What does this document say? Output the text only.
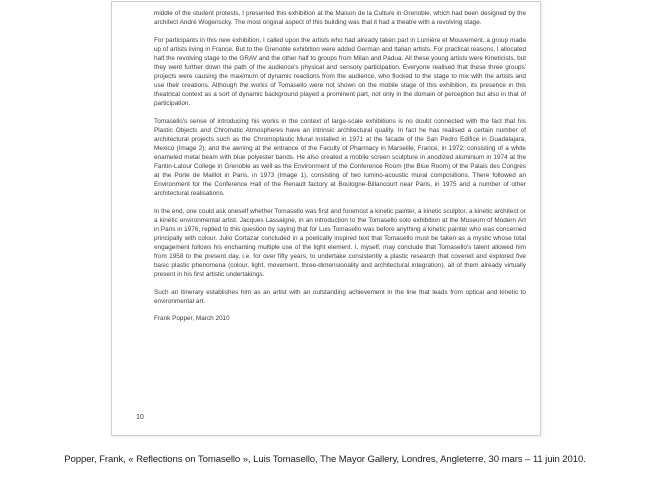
middle of the student protests, I presented this exhibition at the Maison de la Culture in Grenoble, which had been designed by the architect André Wogenscky. The most original aspect of this building was that it had a theatre with a revolving stage.

For participants in this new exhibition, I called upon the artists who had already taken part in Lumière et Mouvement, a group made up of artists living in France. But to the Grenoble exhibition were added German and Italian artists. For practical reasons, I allocated half the revolving stage to the GRAV and the other half to groups from Milan and Padua. All these young artists were Kineticists, but they went further down the path of the audience's physical and sensory participation. Everyone realised that these three groups' projects were causing the maximum of dynamic reactions from the audience, who flocked to the stage to mix with the artists and use their creations. Although the works of Tomasello were not shown on the mobile stage of this exhibition, its presence in this theatrical context as a sort of dynamic background played a prominent part, not only in the domain of perception but also in that of participation.

Tomasello's sense of introducing his works in the context of large-scale exhibitions is no doubt connected with the fact that his Plastic Objects and Chromatic Atmospheres have an intrinsic architectural quality. In fact he has realised a certain number of architectural projects such as the Chromoplastic Mural installed in 1971 at the facade of the San Pedro Edifice in Guadalajara, Mexico (Image 2), and the awning at the entrance of the Faculty of Pharmacy in Marseille, France, in 1972; consisting of a white enameled metal beam with blue polyester bands. He also created a mobile screen sculpture in anodized aluminium in 1974 at the Fantin-Latour College in Grenoble as well as the Environment of the Conference Room (the Blue Room) of the Palais des Congrès at the Porte de Maillot in Paris, in 1973 (Image 1), consisting of two lumino-acoustic mural compositions. There followed an Environment for the Conference Hall of the Renault factory at Boulogne-Billancourt near Paris, in 1975 and a number of other architectural realisations.

In the end, one could ask oneself whether Tomasello was first and foremost a kinetic painter, a kinetic sculptor, a kinetic architect or a kinetic environmental artist. Jacques Lassaigne, in an introduction to the Tomasello solo exhibition at the Museum of Modern Art in Paris in 1976, replied to this question by saying that for Luis Tomasello was before anything a kinetic painter who was concerned principally with colour. Julio Cortazar concluded in a poetically inspired text that Tomasello must be taken as a mystic whose total engagement follows his enchanting multiple use of the light element. I, myself, may conclude that Tomasello's talent allowed him from 1958 to the present day, i.e. for over fifty years, to undertake consistently a plastic research that covered and explored five basic plastic phenomena (colour, light, movement, three-dimensionality and architectural integration), all of them already virtually present in his first artistic undertakings.

Such an itinerary establishes him as an artist with an outstanding achievement in the line that leads from optical and kinetic to environmental art.

Frank Popper, March 2010

10
Popper, Frank, « Reflections on Tomasello », Luis Tomasello, The Mayor Gallery, Londres, Angleterre, 30 mars – 11 juin 2010.
